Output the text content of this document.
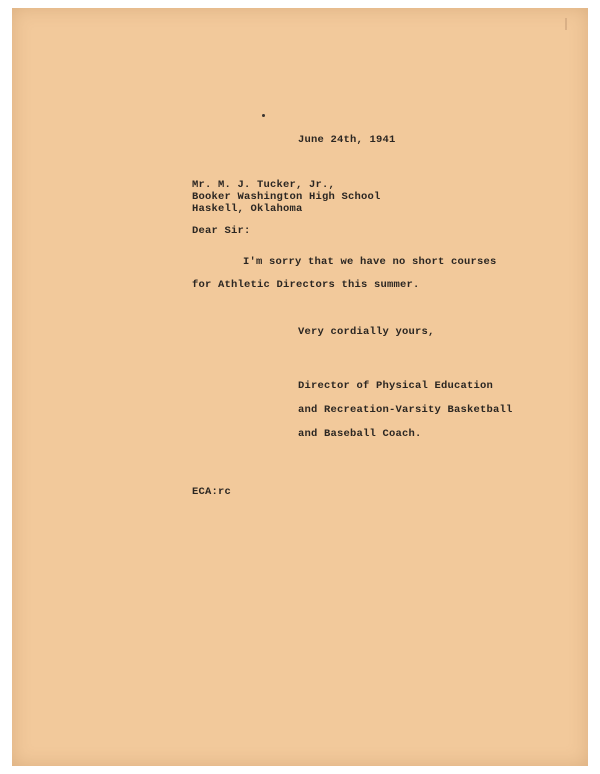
June 24th, 1941
Mr. M. J. Tucker, Jr.,
Booker Washington High School
Haskell, Oklahoma
Dear Sir:
I'm sorry that we have no short courses
for Athletic Directors this summer.
Very cordially yours,
Director of Physical Education
and Recreation-Varsity Basketball
and Baseball Coach.
ECA:rc
